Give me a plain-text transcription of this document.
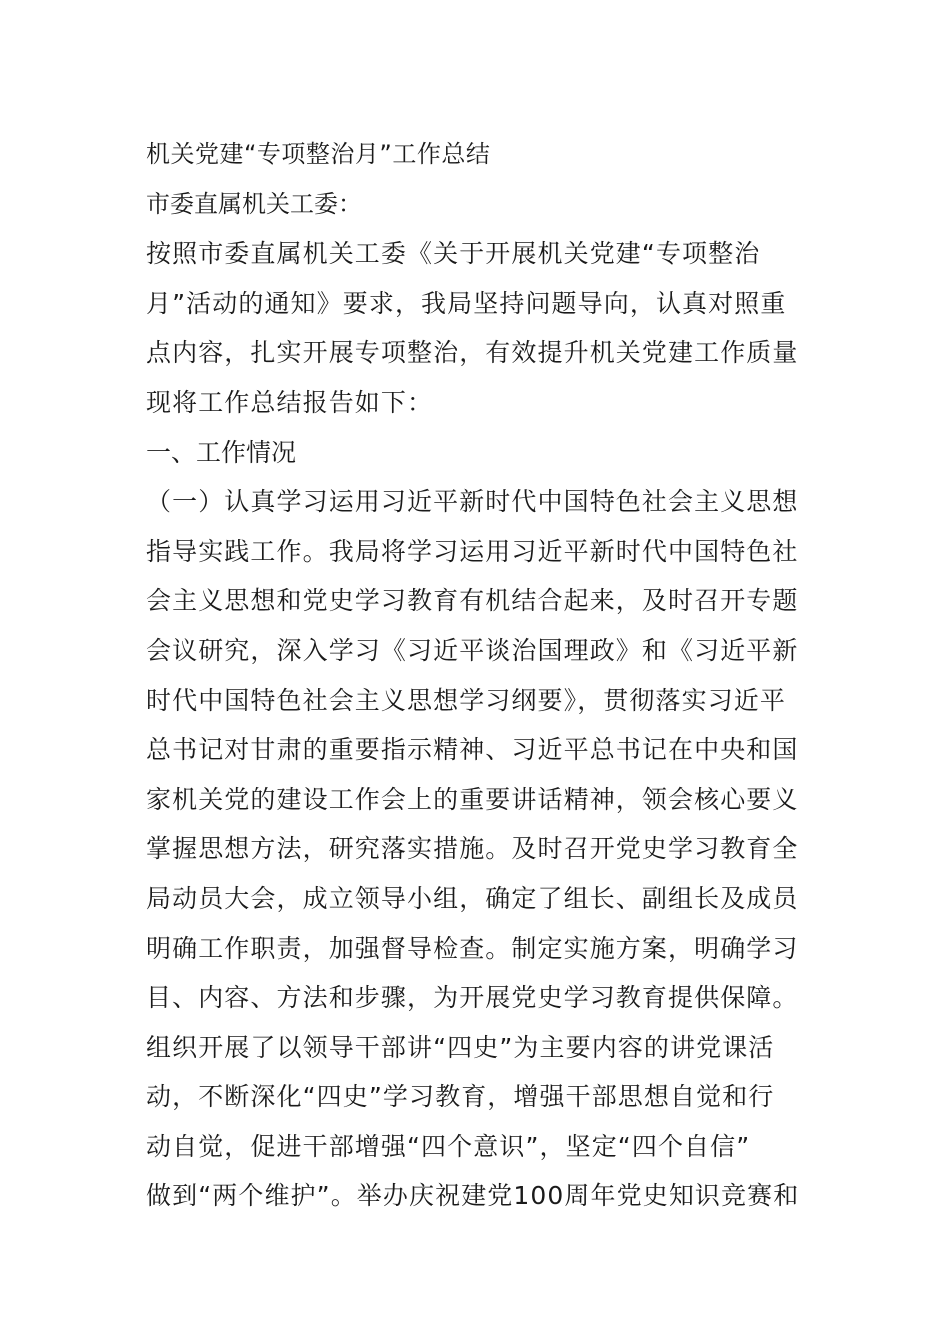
机关党建“专项整治月”工作总结
市委直属机关工委：
按照市委直属机关工委《关于开展机关党建“专项整治
月”活动的通知》要求，我局坚持问题导向，认真对照重
点内容，扎实开展专项整治，有效提升机关党建工作质量
现将工作总结报告如下：
一、工作情况
（一）认真学习运用习近平新时代中国特色社会主义思想
指导实践工作。我局将学习运用习近平新时代中国特色社
会主义思想和党史学习教育有机结合起来，及时召开专题
会议研究，深入学习《习近平谈治国理政》和《习近平新
时代中国特色社会主义思想学习纲要》，贯彻落实习近平
总书记对甘肃的重要指示精神、习近平总书记在中央和国
家机关党的建设工作会上的重要讲话精神，领会核心要义
掌握思想方法，研究落实措施。及时召开党史学习教育全
局动员大会，成立领导小组，确定了组长、副组长及成员
明确工作职责，加强督导检查。制定实施方案，明确学习
目、内容、方法和步骤，为开展党史学习教育提供保障。
组织开展了以领导干部讲“四史”为主要内容的讲党课活
动，不断深化“四史”学习教育，增强干部思想自觉和行
动自觉，促进干部增强“四个意识”，坚定“四个自信”
做到“两个维护”。举办庆祝建党100周年党史知识竞赛和
